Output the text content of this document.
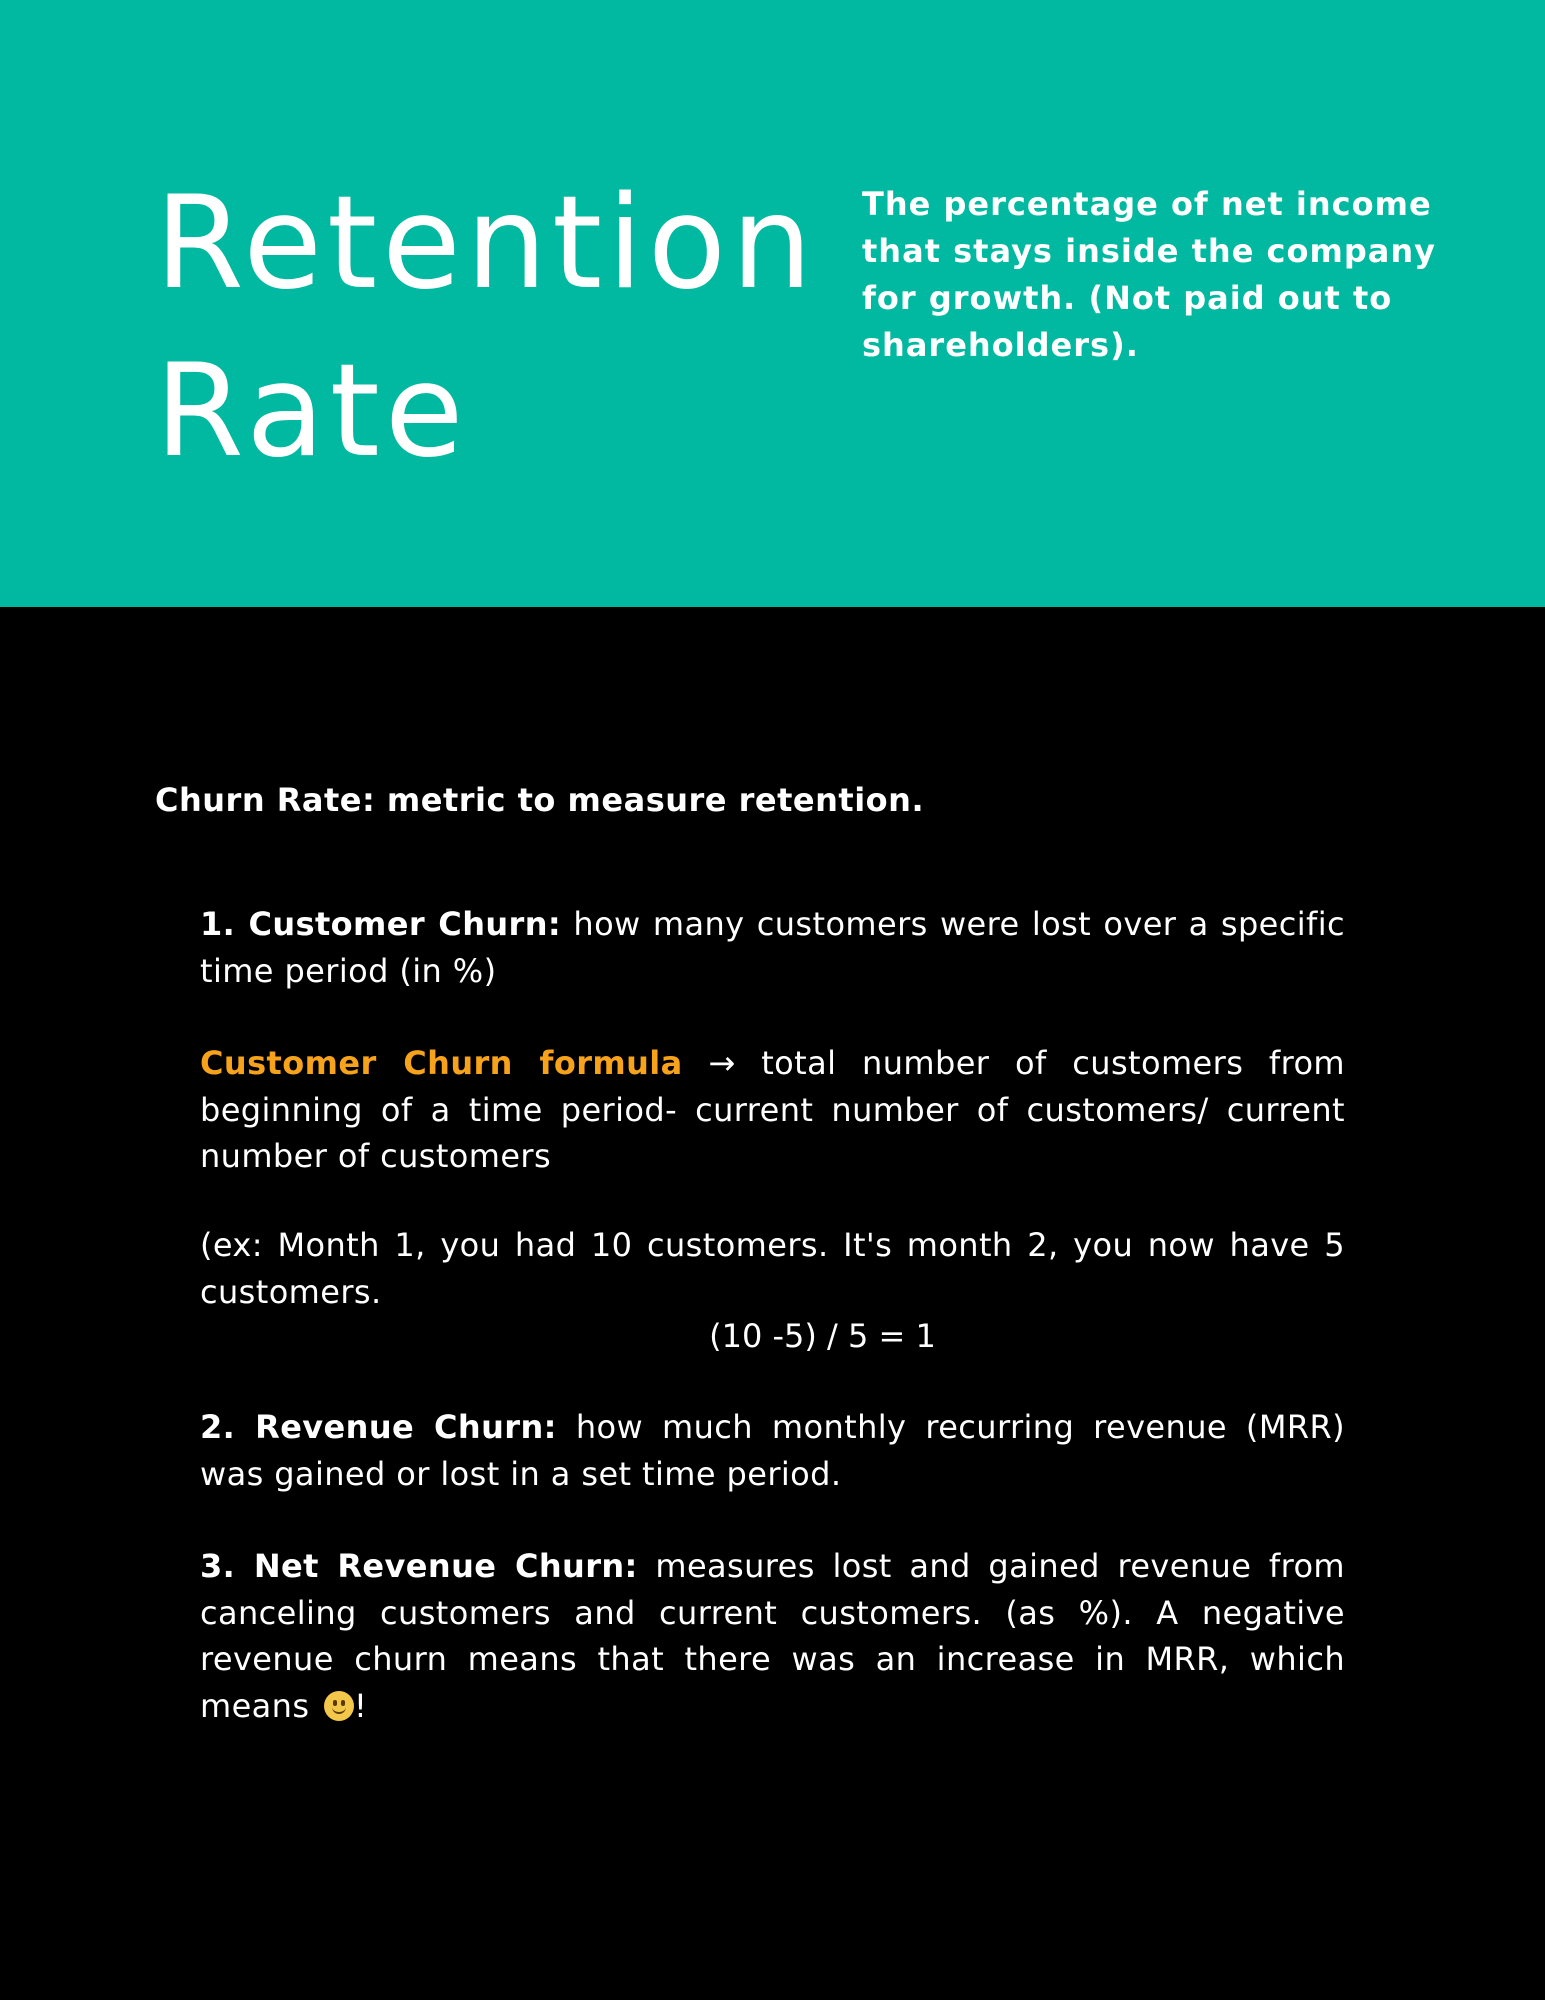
Retention
Rate

The percentage of net income
that stays inside the company
for growth. (Not paid out to
shareholders).

Churn Rate: metric to measure retention.

1. Customer Churn: how many customers were lost over a specific time period (in %)

Customer Churn formula → total number of customers from beginning of a time period- current number of customers/ current number of customers

(ex: Month 1, you had 10 customers. It's month 2, you now have 5 customers.

(10 -5) / 5 = 1

2. Revenue Churn: how much monthly recurring revenue (MRR) was gained or lost in a set time period.

3. Net Revenue Churn: measures lost and gained revenue from canceling customers and current customers. (as %). A negative revenue churn means that there was an increase in MRR, which means
!
